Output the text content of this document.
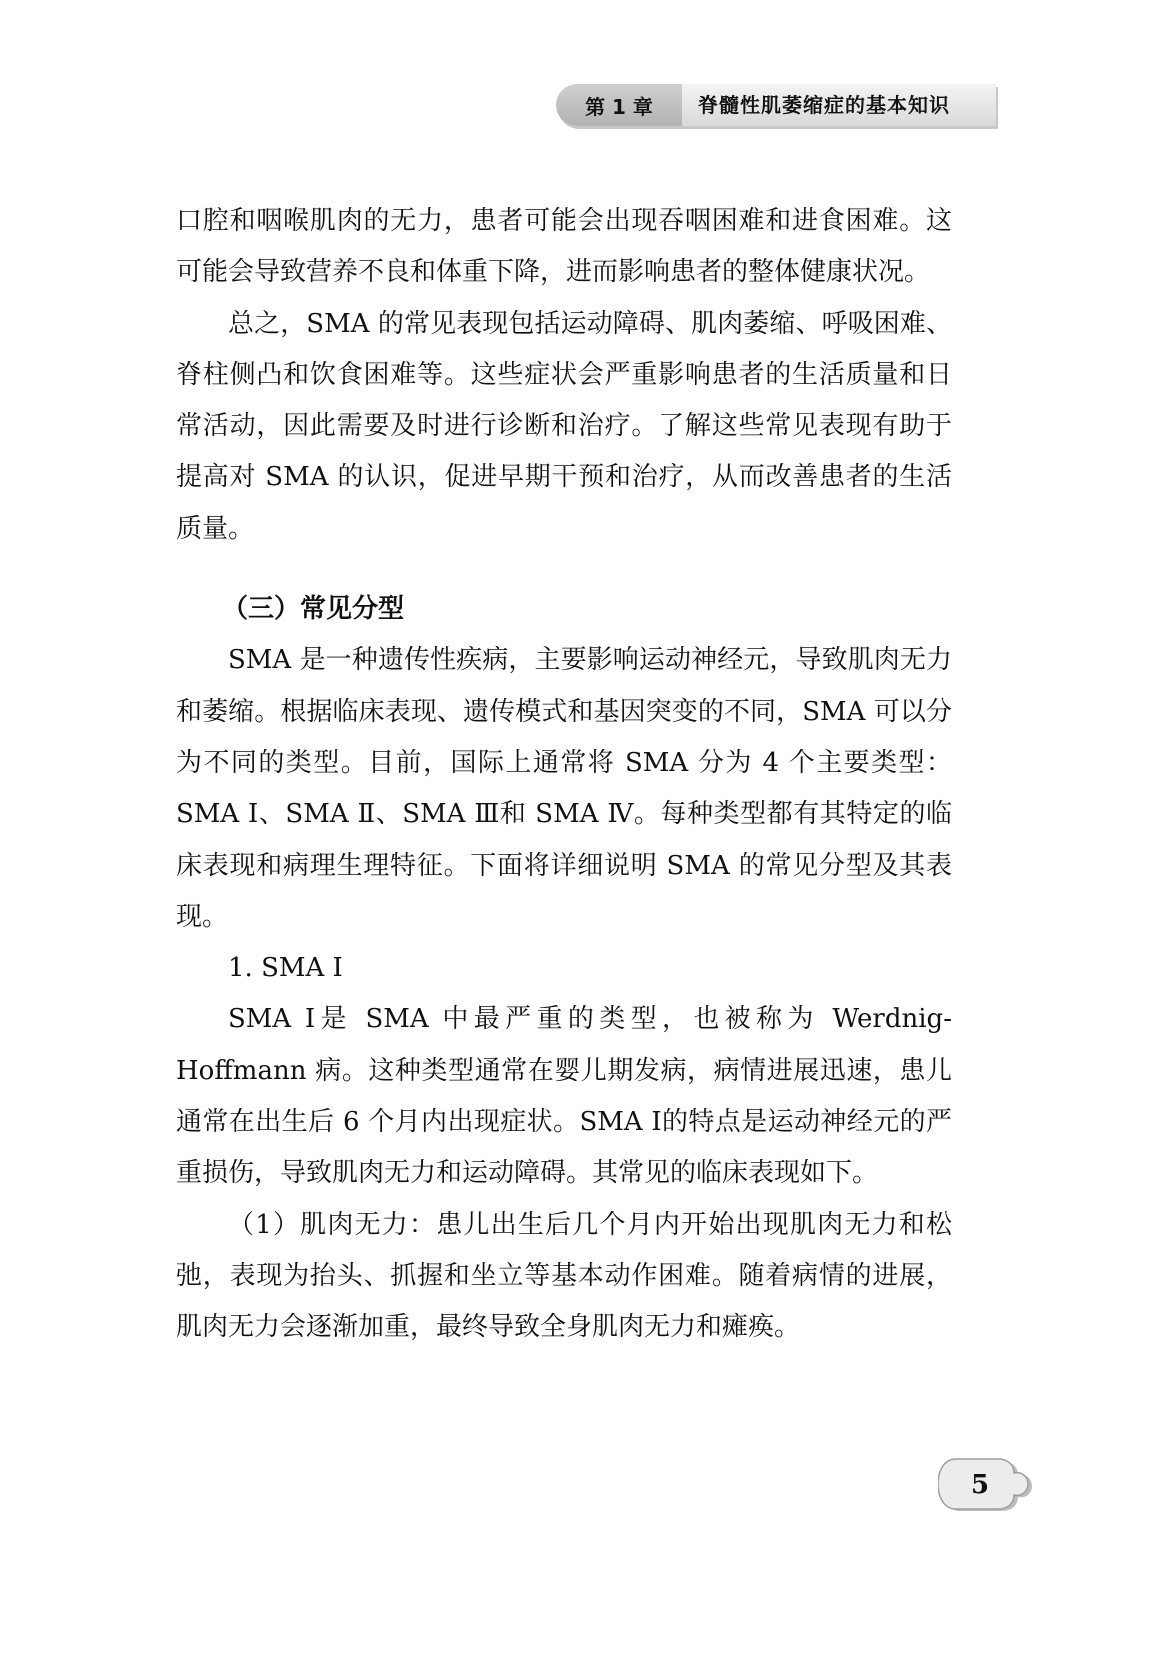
第 1 章	脊髓性肌萎缩症的基本知识

口腔和咽喉肌肉的无力，患者可能会出现吞咽困难和进食困难。这可能会导致营养不良和体重下降，进而影响患者的整体健康状况。

总之，SMA 的常见表现包括运动障碍、肌肉萎缩、呼吸困难、脊柱侧凸和饮食困难等。这些症状会严重影响患者的生活质量和日常活动，因此需要及时进行诊断和治疗。了解这些常见表现有助于提高对 SMA 的认识，促进早期干预和治疗，从而改善患者的生活质量。

（三）常见分型

SMA 是一种遗传性疾病，主要影响运动神经元，导致肌肉无力和萎缩。根据临床表现、遗传模式和基因突变的不同，SMA 可以分为不同的类型。目前，国际上通常将 SMA 分为 4 个主要类型：SMA Ⅰ、SMA Ⅱ、SMA Ⅲ和 SMA Ⅳ。每种类型都有其特定的临床表现和病理生理特征。下面将详细说明 SMA 的常见分型及其表现。

1. SMA Ⅰ

SMA Ⅰ是 SMA 中最严重的类型，也被称为 Werdnig-Hoffmann 病。这种类型通常在婴儿期发病，病情进展迅速，患儿通常在出生后 6 个月内出现症状。SMA Ⅰ的特点是运动神经元的严重损伤，导致肌肉无力和运动障碍。其常见的临床表现如下。

（1）肌肉无力：患儿出生后几个月内开始出现肌肉无力和松弛，表现为抬头、抓握和坐立等基本动作困难。随着病情的进展，肌肉无力会逐渐加重，最终导致全身肌肉无力和瘫痪。

5
